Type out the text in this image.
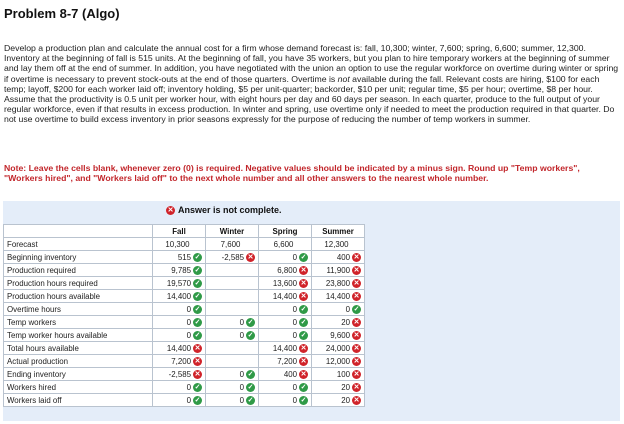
Problem 8-7 (Algo)
Develop a production plan and calculate the annual cost for a firm whose demand forecast is: fall, 10,300; winter, 7,600; spring, 6,600; summer, 12,300. Inventory at the beginning of fall is 515 units. At the beginning of fall, you have 35 workers, but you plan to hire temporary workers at the beginning of summer and lay them off at the end of summer. In addition, you have negotiated with the union an option to use the regular workforce on overtime during winter or spring if overtime is necessary to prevent stock-outs at the end of those quarters. Overtime is not available during the fall. Relevant costs are hiring, $100 for each temp; layoff, $200 for each worker laid off; inventory holding, $5 per unit-quarter; backorder, $10 per unit; regular time, $5 per hour; overtime, $8 per hour. Assume that the productivity is 0.5 unit per worker hour, with eight hours per day and 60 days per season. In each quarter, produce to the full output of your regular workforce, even if that results in excess production. In winter and spring, use overtime only if needed to meet the production required in that quarter. Do not use overtime to build excess inventory in prior seasons expressly for the purpose of reducing the number of temp workers in summer.
Note: Leave the cells blank, whenever zero (0) is required. Negative values should be indicated by a minus sign. Round up "Temp workers", "Workers hired", and "Workers laid off" to the next whole number and all other answers to the nearest whole number.
✕ Answer is not complete.
	Fall	Winter	Spring	Summer
Forecast	10,300	7,600	6,600	12,300

Beginning inventory	515 ✓	-2,585 ✕	0 ✓	400 ✕

Production required	9,785 ✓		6,800 ✕	11,900 ✕

Production hours required	19,570 ✓		13,600 ✕	23,800 ✕

Production hours available	14,400 ✓		14,400 ✕	14,400 ✕

Overtime hours	0 ✓		0 ✓	0 ✓

Temp workers	0 ✓	0 ✓	0 ✓	20 ✕

Temp worker hours available	0 ✓	0 ✓	0 ✓	9,600 ✕

Total hours available	14,400 ✕		14,400 ✕	24,000 ✕

Actual production	7,200 ✕		7,200 ✕	12,000 ✕

Ending inventory	-2,585 ✕	0 ✓	400 ✕	100 ✕

Workers hired	0 ✓	0 ✓	0 ✓	20 ✕

Workers laid off	0 ✓	0 ✓	0 ✓	20 ✕
